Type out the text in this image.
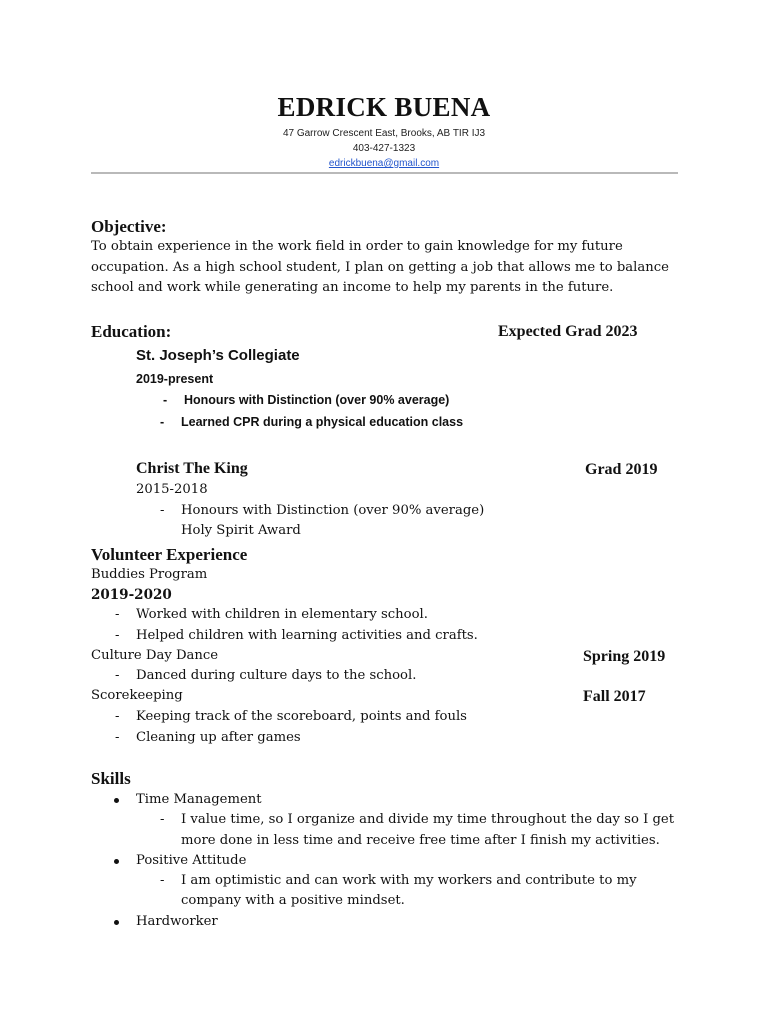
EDRICK BUENA
47 Garrow Crescent East, Brooks, AB TIR IJ3
403-427-1323
edrickbuena@gmail.com
Objective:
To obtain experience in the work field in order to gain knowledge for my future
occupation. As a high school student, I plan on getting a job that allows me to balance
school and work while generating an income to help my parents in the future.
Education:	Expected Grad 2023
St. Joseph’s Collegiate
2019-present
- Honours with Distinction (over 90% average)
- Learned CPR during a physical education class
Christ The King	Grad 2019
2015-2018
- Honours with Distinction (over 90% average)
Holy Spirit Award
Volunteer Experience
Buddies Program
2019-2020
- Worked with children in elementary school.
- Helped children with learning activities and crafts.
Culture Day Dance	Spring 2019
- Danced during culture days to the school.
Scorekeeping	Fall 2017
- Keeping track of the scoreboard, points and fouls
- Cleaning up after games
Skills
Time Management
- I value time, so I organize and divide my time throughout the day so I get
more done in less time and receive free time after I finish my activities.
Positive Attitude
- I am optimistic and can work with my workers and contribute to my
company with a positive mindset.
Hardworker
